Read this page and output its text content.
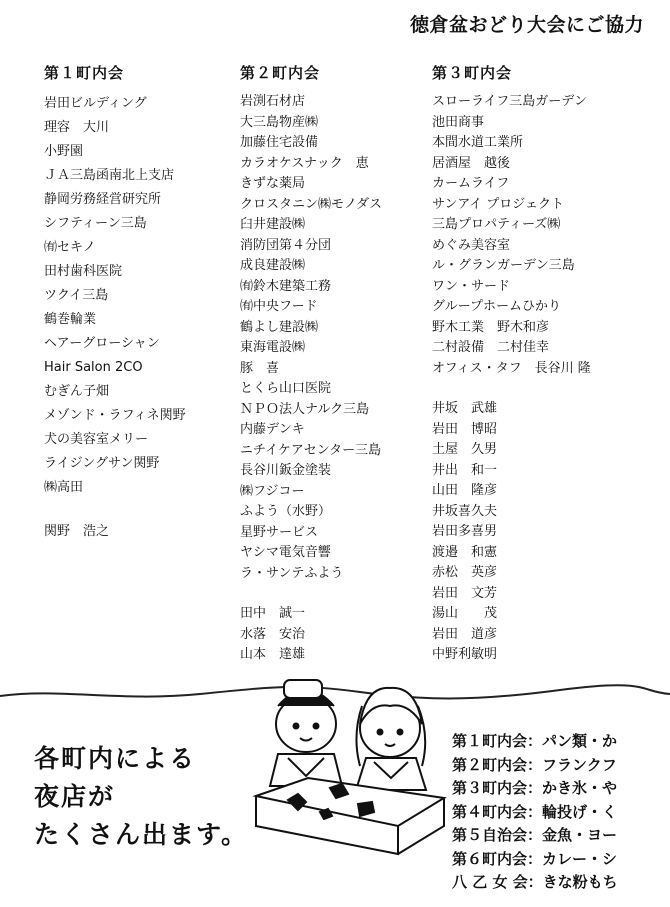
徳倉盆おどり大会にご協力
第１町内会
岩田ビルディング
理容　大川
小野園
ＪＡ三島函南北上支店
静岡労務経営研究所
シフティーン三島
㈲セキノ
田村歯科医院
ツクイ三島
鶴巻輪業
ヘアーグローシャン
Hair Salon 2CO
むぎん子畑
メゾンド・ラフィネ関野
犬の美容室メリー
ライジングサン関野
㈱高田
関野　浩之
第２町内会
岩渕石材店
大三島物産㈱
加藤住宅設備
カラオケスナック　恵
きずな薬局
クロスタニン㈱モノダス
臼井建設㈱
消防団第４分団
成良建設㈱
㈲鈴木建築工務
㈲中央フード
鶴よし建設㈱
東海電設㈱
豚　喜
とくら山口医院
ＮＰＯ法人ナルク三島
内藤デンキ
ニチイケアセンター三島
長谷川鈑金塗装
㈱フジコー
ふよう（水野）
星野サービス
ヤシマ電気音響
ラ・サンテふよう
田中　誠一
水落　安治
山本　達雄
第３町内会
スローライフ三島ガーデン
池田商事
本間水道工業所
居酒屋　越後
カームライフ
サンアイ プロジェクト
三島プロパティーズ㈱
めぐみ美容室
ル・グランガーデン三島
ワン・サード
グループホームひかり
野木工業　野木和彦
二村設備　二村佳幸
オフィス・タフ　長谷川 隆
井坂　武雄
岩田　博昭
土屋　久男
井出　和一
山田　隆彦
井坂喜久夫
岩田多喜男
渡邉　和憲
赤松　英彦
岩田　文芳
湯山　　茂
岩田　道彦
中野利敏明
各町内による
夜店が
たくさん出ます。
第１町内会：パン類・か
第２町内会：フランクフ
第３町内会：かき氷・や
第４町内会：輪投げ・く
第５自治会：金魚・ヨー
第６町内会：カレー・シ
八 乙 女 会：きな粉もち
